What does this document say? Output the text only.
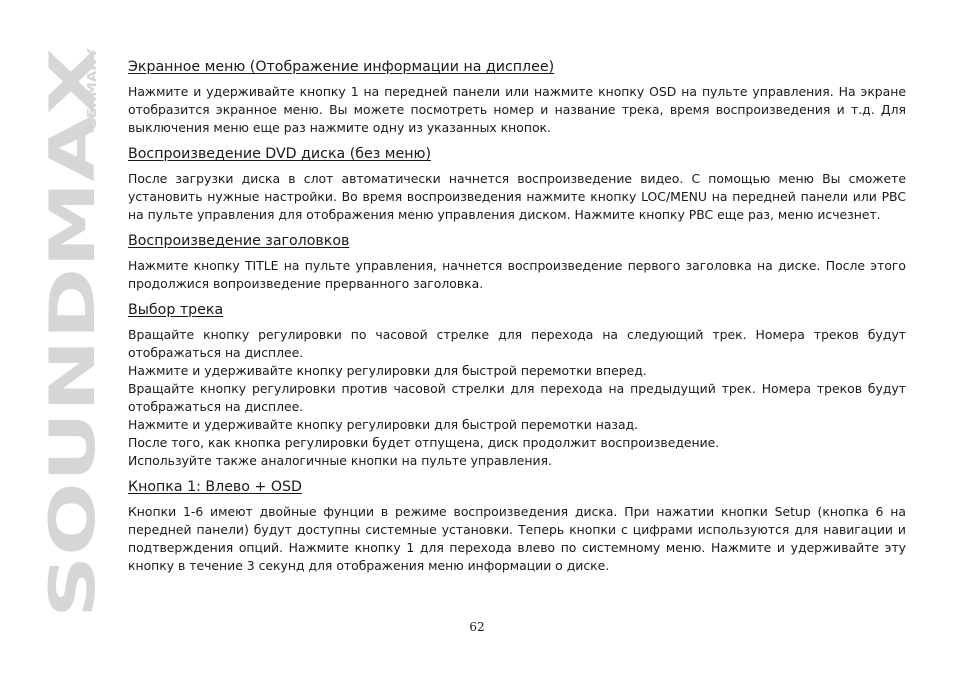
SOUNDMAX
GERMANY Экранное меню (Отображение информации на дисплее)

Нажмите и удерживайте кнопку 1 на передней панели или нажмите кнопку OSD на пульте управления. На экране отобразится экранное меню. Вы можете посмотреть номер и название трека, время воспроизведения и т.д. Для выключения меню еще раз нажмите одну из указанных кнопок.

Воспроизведение DVD диска (без меню)

После загрузки диска в слот автоматически начнется воспроизведение видео. С помощью меню Вы сможете установить нужные настройки. Во время воспроизведения нажмите кнопку LOC/MENU на передней панели или PBC на пульте управления для отображения меню управления диском. Нажмите кнопку PBC еще раз, меню исчезнет.

Воспроизведение заголовков

Нажмите кнопку TITLE на пульте управления, начнется воспроизведение первого заголовка на диске. После этого продолжися вопроизведение прерванного заголовка.

Выбор трека

Вращайте кнопку регулировки по часовой стрелке для перехода на следующий трек. Номера треков будут отображаться на дисплее.

Нажмите и удерживайте кнопку регулировки для быстрой перемотки вперед.

Вращайте кнопку регулировки против часовой стрелки для перехода на предыдущий трек. Номера треков будут отображаться на дисплее.

Нажмите и удерживайте кнопку регулировки для быстрой перемотки назад.

После того, как кнопка регулировки будет отпущена, диск продолжит воспроизведение.

Используйте также аналогичные кнопки на пульте управления.

Кнопка 1: Влево + OSD

Кнопки 1-6 имеют двойные фунции в режиме воспроизведения диска. При нажатии кнопки Setup (кнопка 6 на передней панели) будут доступны системные установки. Теперь кнопки с цифрами используются для навигации и подтверждения опций. Нажмите кнопку 1 для перехода влево по системному меню. Нажмите и удерживайте эту кнопку в течение 3 секунд для отображения меню информации о диске.

62
